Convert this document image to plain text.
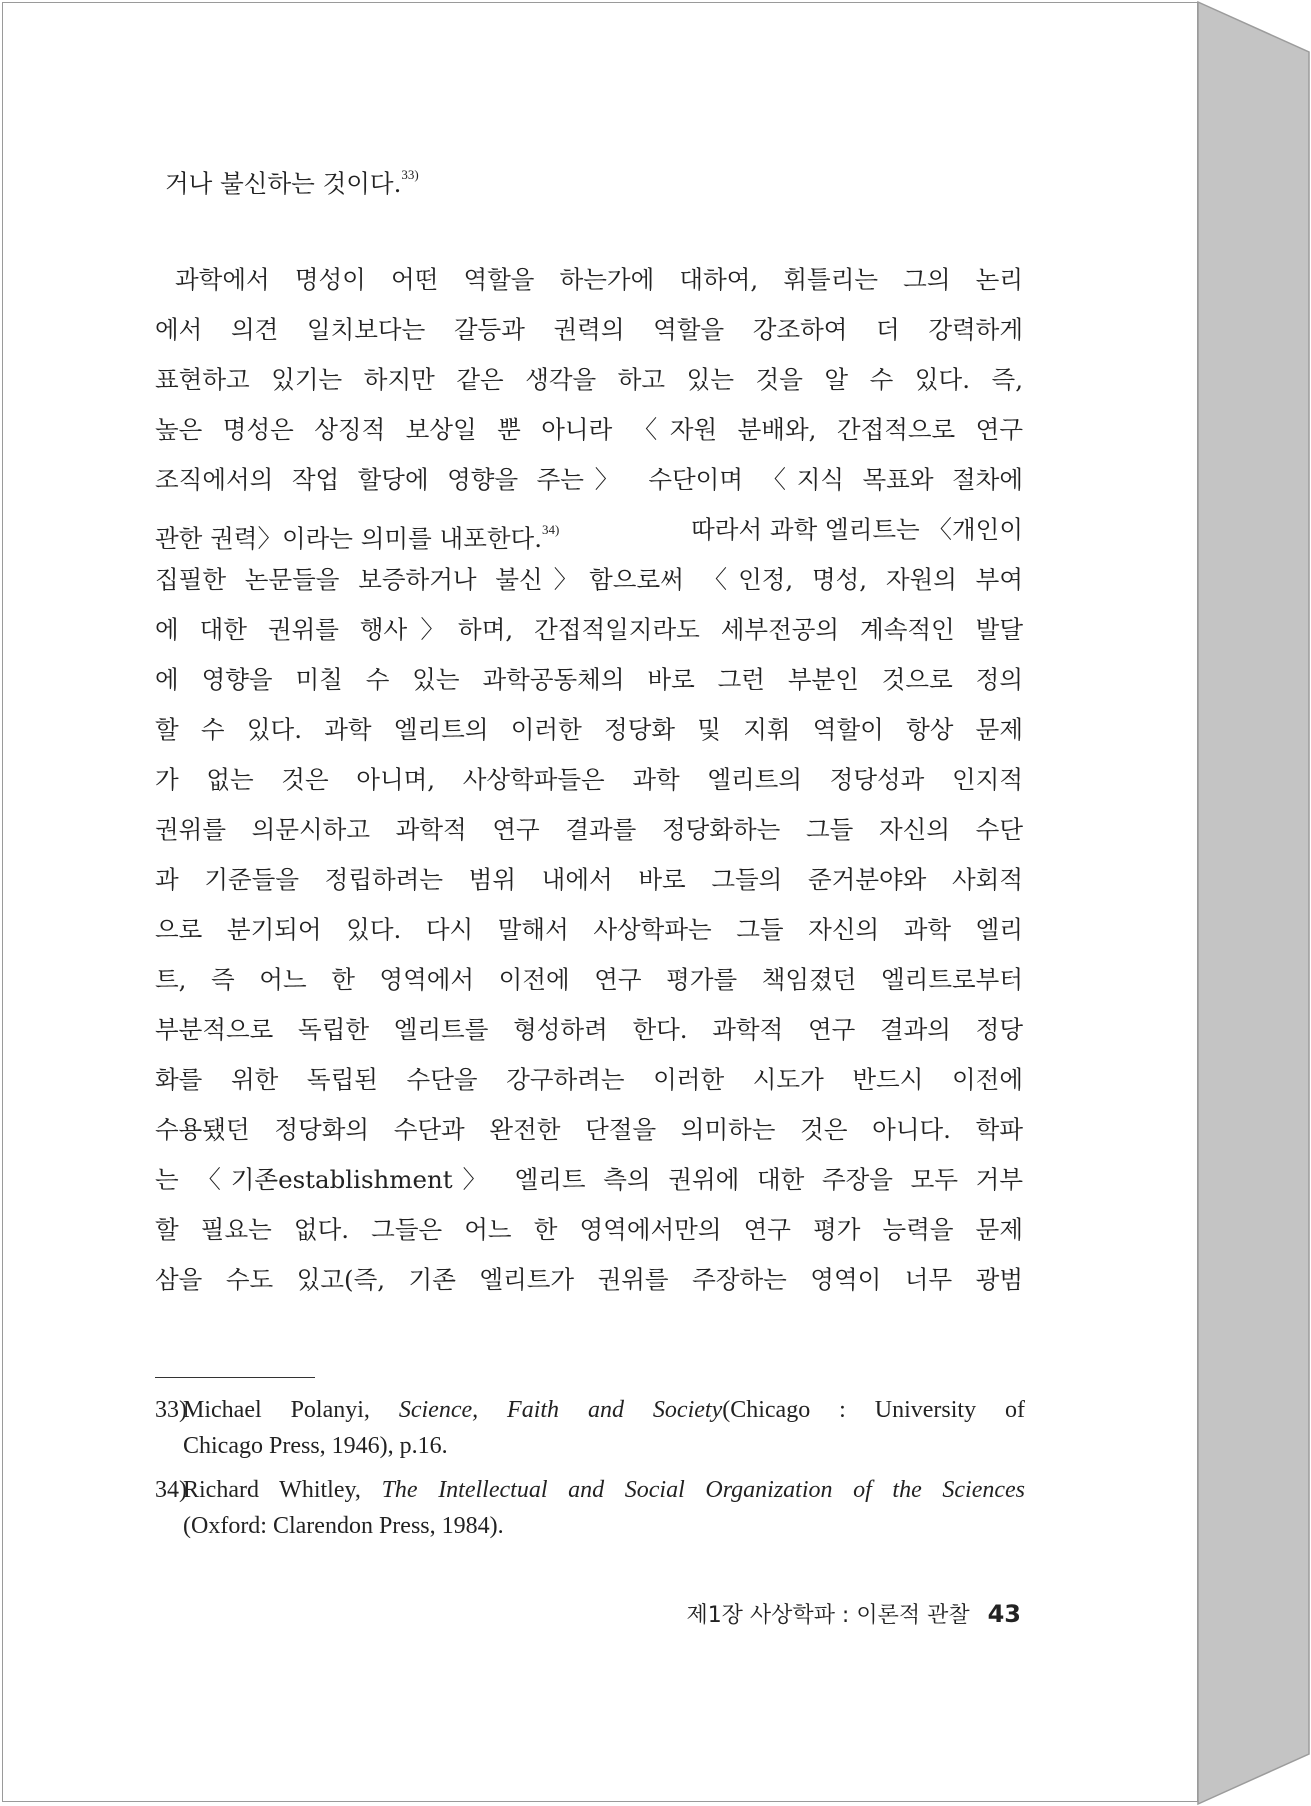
거나 불신하는 것이다.$^{33)}$
과학에서 명성이 어떤 역할을 하는가에 대하여, 휘틀리는 그의 논리
에서 의견 일치보다는 갈등과 권력의 역할을 강조하여 더 강력하게
표현하고 있기는 하지만 같은 생각을 하고 있는 것을 알 수 있다. 즉,
높은 명성은 상징적 보상일 뿐 아니라 〈자원 분배와, 간접적으로 연구
조직에서의 작업 할당에 영향을 주는〉 수단이며 〈지식 목표와 절차에
관한 권력〉이라는 의미를 내포한다.$^{34)}$	따라서 과학 엘리트는 〈개인이
집필한 논문들을 보증하거나 불신〉함으로써 〈인정, 명성, 자원의 부여
에 대한 권위를 행사〉하며, 간접적일지라도 세부전공의 계속적인 발달
에 영향을 미칠 수 있는 과학공동체의 바로 그런 부분인 것으로 정의
할 수 있다. 과학 엘리트의 이러한 정당화 및 지휘 역할이 항상 문제
가 없는 것은 아니며, 사상학파들은 과학 엘리트의 정당성과 인지적
권위를 의문시하고 과학적 연구 결과를 정당화하는 그들 자신의 수단
과 기준들을 정립하려는 범위 내에서 바로 그들의 준거분야와 사회적
으로 분기되어 있다. 다시 말해서 사상학파는 그들 자신의 과학 엘리
트, 즉 어느 한 영역에서 이전에 연구 평가를 책임졌던 엘리트로부터
부분적으로 독립한 엘리트를 형성하려 한다. 과학적 연구 결과의 정당
화를 위한 독립된 수단을 강구하려는 이러한 시도가 반드시 이전에
수용됐던 정당화의 수단과 완전한 단절을 의미하는 것은 아니다. 학파
는 〈기존establishment〉 엘리트 측의 권위에 대한 주장을 모두 거부
할 필요는 없다. 그들은 어느 한 영역에서만의 연구 평가 능력을 문제
삼을 수도 있고(즉, 기존 엘리트가 권위를 주장하는 영역이 너무 광범
33)
Michael Polanyi, Science, Faith and Society(Chicago : University of
Chicago Press, 1946), p.16.
34)
Richard Whitley, The Intellectual and Social Organization of the Sciences
(Oxford: Clarendon Press, 1984).
제1장 사상학파 : 이론적 관찰 43
